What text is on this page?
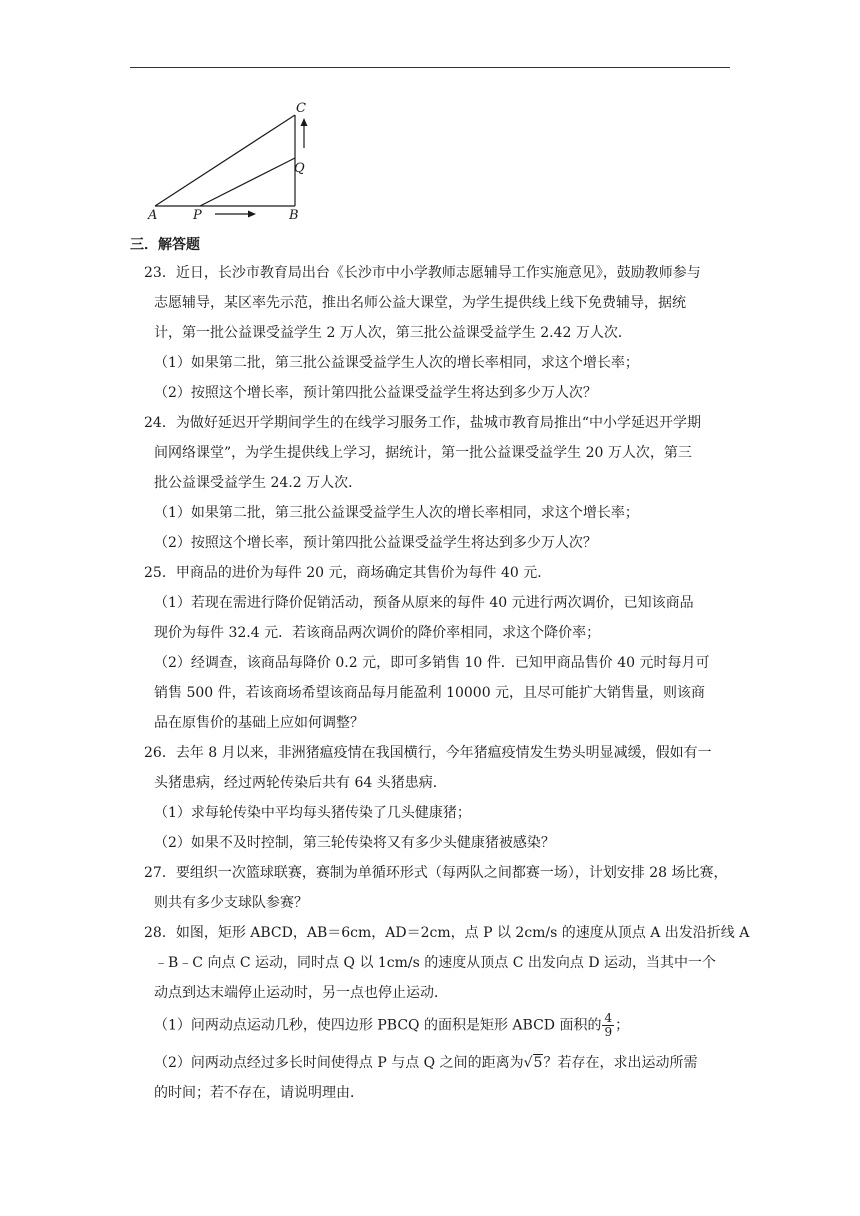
A	P	B
Q
C
三．解答题
23．近日，长沙市教育局出台《长沙市中小学教师志愿辅导工作实施意见》，鼓励教师参与
志愿辅导，某区率先示范，推出名师公益大课堂，为学生提供线上线下免费辅导，据统
计，第一批公益课受益学生 2 万人次，第三批公益课受益学生 2.42 万人次．
（1）如果第二批，第三批公益课受益学生人次的增长率相同，求这个增长率；
（2）按照这个增长率，预计第四批公益课受益学生将达到多少万人次？
24．为做好延迟开学期间学生的在线学习服务工作，盐城市教育局推出“中小学延迟开学期
间网络课堂”，为学生提供线上学习，据统计，第一批公益课受益学生 20 万人次，第三
批公益课受益学生 24.2 万人次．
（1）如果第二批，第三批公益课受益学生人次的增长率相同，求这个增长率；
（2）按照这个增长率，预计第四批公益课受益学生将达到多少万人次？
25．甲商品的进价为每件 20 元，商场确定其售价为每件 40 元．
（1）若现在需进行降价促销活动，预备从原来的每件 40 元进行两次调价，已知该商品
现价为每件 32.4 元．若该商品两次调价的降价率相同，求这个降价率；
（2）经调查，该商品每降价 0.2 元，即可多销售 10 件．已知甲商品售价 40 元时每月可
销售 500 件，若该商场希望该商品每月能盈利 10000 元，且尽可能扩大销售量，则该商
品在原售价的基础上应如何调整？
26．去年 8 月以来，非洲猪瘟疫情在我国横行，今年猪瘟疫情发生势头明显减缓，假如有一
头猪患病，经过两轮传染后共有 64 头猪患病．
（1）求每轮传染中平均每头猪传染了几头健康猪；
（2）如果不及时控制，第三轮传染将又有多少头健康猪被感染？
27．要组织一次篮球联赛，赛制为单循环形式（每两队之间都赛一场），计划安排 28 场比赛，
则共有多少支球队参赛？
28．如图，矩形 ABCD，AB＝6cm，AD＝2cm，点 P 以 2cm/s 的速度从顶点 A 出发沿折线 A
﹣B﹣C 向点 C 运动，同时点 Q 以 1cm/s 的速度从顶点 C 出发向点 D 运动，当其中一个
动点到达末端停止运动时，另一点也停止运动．
（1）问两动点运动几秒，使四边形 PBCQ 的面积是矩形 ABCD 面积的 $\frac{4}{9}$ ；
（2）问两动点经过多长时间使得点 P 与点 Q 之间的距离为√5？若存在，求出运动所需
的时间；若不存在，请说明理由．
